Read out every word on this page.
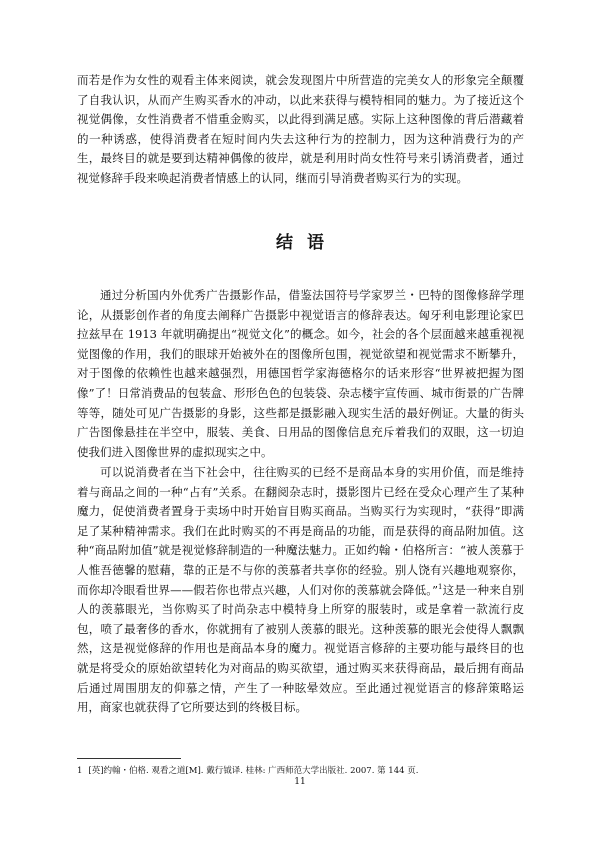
而若是作为女性的观看主体来阅读，就会发现图片中所营造的完美女人的形象完全颠覆了自我认识，从而产生购买香水的冲动，以此来获得与模特相同的魅力。为了接近这个视觉偶像，女性消费者不惜重金购买，以此得到满足感。实际上这种图像的背后潜藏着的一种诱惑，使得消费者在短时间内失去这种行为的控制力，因为这种消费行为的产生，最终目的就是要到达精神偶像的彼岸，就是利用时尚女性符号来引诱消费者，通过视觉修辞手段来唤起消费者情感上的认同，继而引导消费者购买行为的实现。

结语

通过分析国内外优秀广告摄影作品，借鉴法国符号学家罗兰・巴特的图像修辞学理论，从摄影创作者的角度去阐释广告摄影中视觉语言的修辞表达。匈牙利电影理论家巴拉兹早在 1913 年就明确提出“视觉文化”的概念。如今，社会的各个层面越来越重视视觉图像的作用，我们的眼球开始被外在的图像所包围，视觉欲望和视觉需求不断攀升，对于图像的依赖性也越来越强烈，用德国哲学家海德格尔的话来形容“世界被把握为图像”了！日常消费品的包装盒、形形色色的包装袋、杂志楼宇宣传画、城市街景的广告牌等等，随处可见广告摄影的身影，这些都是摄影融入现实生活的最好例证。大量的街头广告图像悬挂在半空中，服装、美食、日用品的图像信息充斥着我们的双眼，这一切迫使我们进入图像世界的虚拟现实之中。

可以说消费者在当下社会中，往往购买的已经不是商品本身的实用价值，而是维持着与商品之间的一种“占有”关系。在翻阅杂志时，摄影图片已经在受众心理产生了某种魔力，促使消费者置身于卖场中时开始盲目购买商品。当购买行为实现时，“获得”即满足了某种精神需求。我们在此时购买的不再是商品的功能，而是获得的商品附加值。这种“商品附加值”就是视觉修辞制造的一种魔法魅力。正如约翰・伯格所言：“被人羡慕于人惟吾德馨的慰藉，靠的正是不与你的羡慕者共享你的经验。别人饶有兴趣地观察你，而你却冷眼看世界——假若你也带点兴趣，人们对你的羡慕就会降低。”$^1$这是一种来自别人的羡慕眼光，当你购买了时尚杂志中模特身上所穿的服装时，或是拿着一款流行皮包，喷了最奢侈的香水，你就拥有了被别人羡慕的眼光。这种羡慕的眼光会使得人飘飘然，这是视觉修辞的作用也是商品本身的魔力。视觉语言修辞的主要功能与最终目的也就是将受众的原始欲望转化为对商品的购买欲望，通过购买来获得商品，最后拥有商品后通过周围朋友的仰慕之情，产生了一种眩晕效应。至此通过视觉语言的修辞策略运用，商家也就获得了它所要达到的终极目标。

1 [英]约翰・伯格. 观看之道[M]. 戴行钺译. 桂林: 广西师范大学出版社. 2007. 第 144 页.

11
